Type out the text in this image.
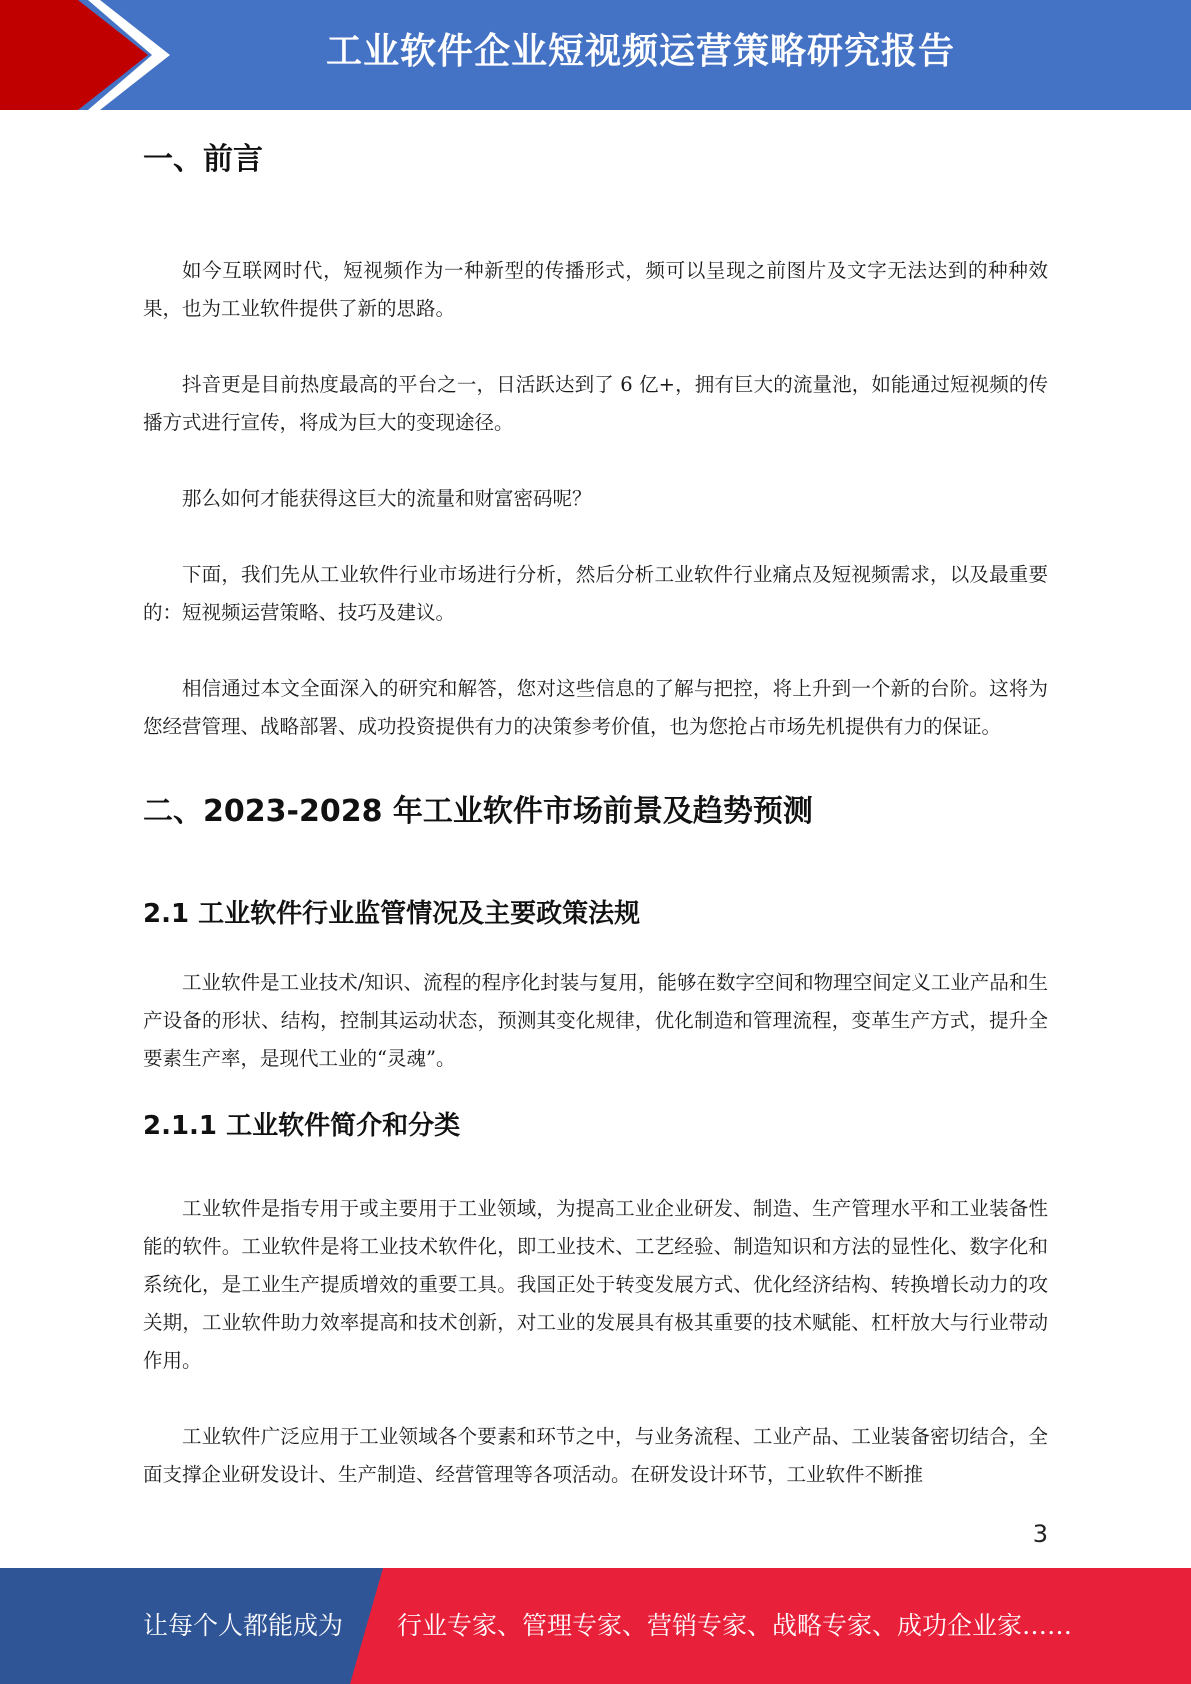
工业软件企业短视频运营策略研究报告
一、前言

如今互联网时代，短视频作为一种新型的传播形式，频可以呈现之前图片及文字无法达到的种种效果，也为工业软件提供了新的思路。

抖音更是目前热度最高的平台之一，日活跃达到了 6 亿+，拥有巨大的流量池，如能通过短视频的传播方式进行宣传，将成为巨大的变现途径。

那么如何才能获得这巨大的流量和财富密码呢？

下面，我们先从工业软件行业市场进行分析，然后分析工业软件行业痛点及短视频需求，以及最重要的：短视频运营策略、技巧及建议。

相信通过本文全面深入的研究和解答，您对这些信息的了解与把控，将上升到一个新的台阶。这将为您经营管理、战略部署、成功投资提供有力的决策参考价值，也为您抢占市场先机提供有力的保证。

二、2023-2028 年工业软件市场前景及趋势预测
2.1 工业软件行业监管情况及主要政策法规

工业软件是工业技术/知识、流程的程序化封装与复用，能够在数字空间和物理空间定义工业产品和生产设备的形状、结构，控制其运动状态，预测其变化规律，优化制造和管理流程，变革生产方式，提升全要素生产率，是现代工业的“灵魂”。

2.1.1 工业软件简介和分类

工业软件是指专用于或主要用于工业领域，为提高工业企业研发、制造、生产管理水平和工业装备性能的软件。工业软件是将工业技术软件化，即工业技术、工艺经验、制造知识和方法的显性化、数字化和系统化，是工业生产提质增效的重要工具。我国正处于转变发展方式、优化经济结构、转换增长动力的攻关期，工业软件助力效率提高和技术创新，对工业的发展具有极其重要的技术赋能、杠杆放大与行业带动作用。

工业软件广泛应用于工业领域各个要素和环节之中，与业务流程、工业产品、工业装备密切结合，全面支撑企业研发设计、生产制造、经营管理等各项活动。在研发设计环节，工业软件不断推

3
让每个人都能成为 行业专家、管理专家、营销专家、战略专家、成功企业家……
